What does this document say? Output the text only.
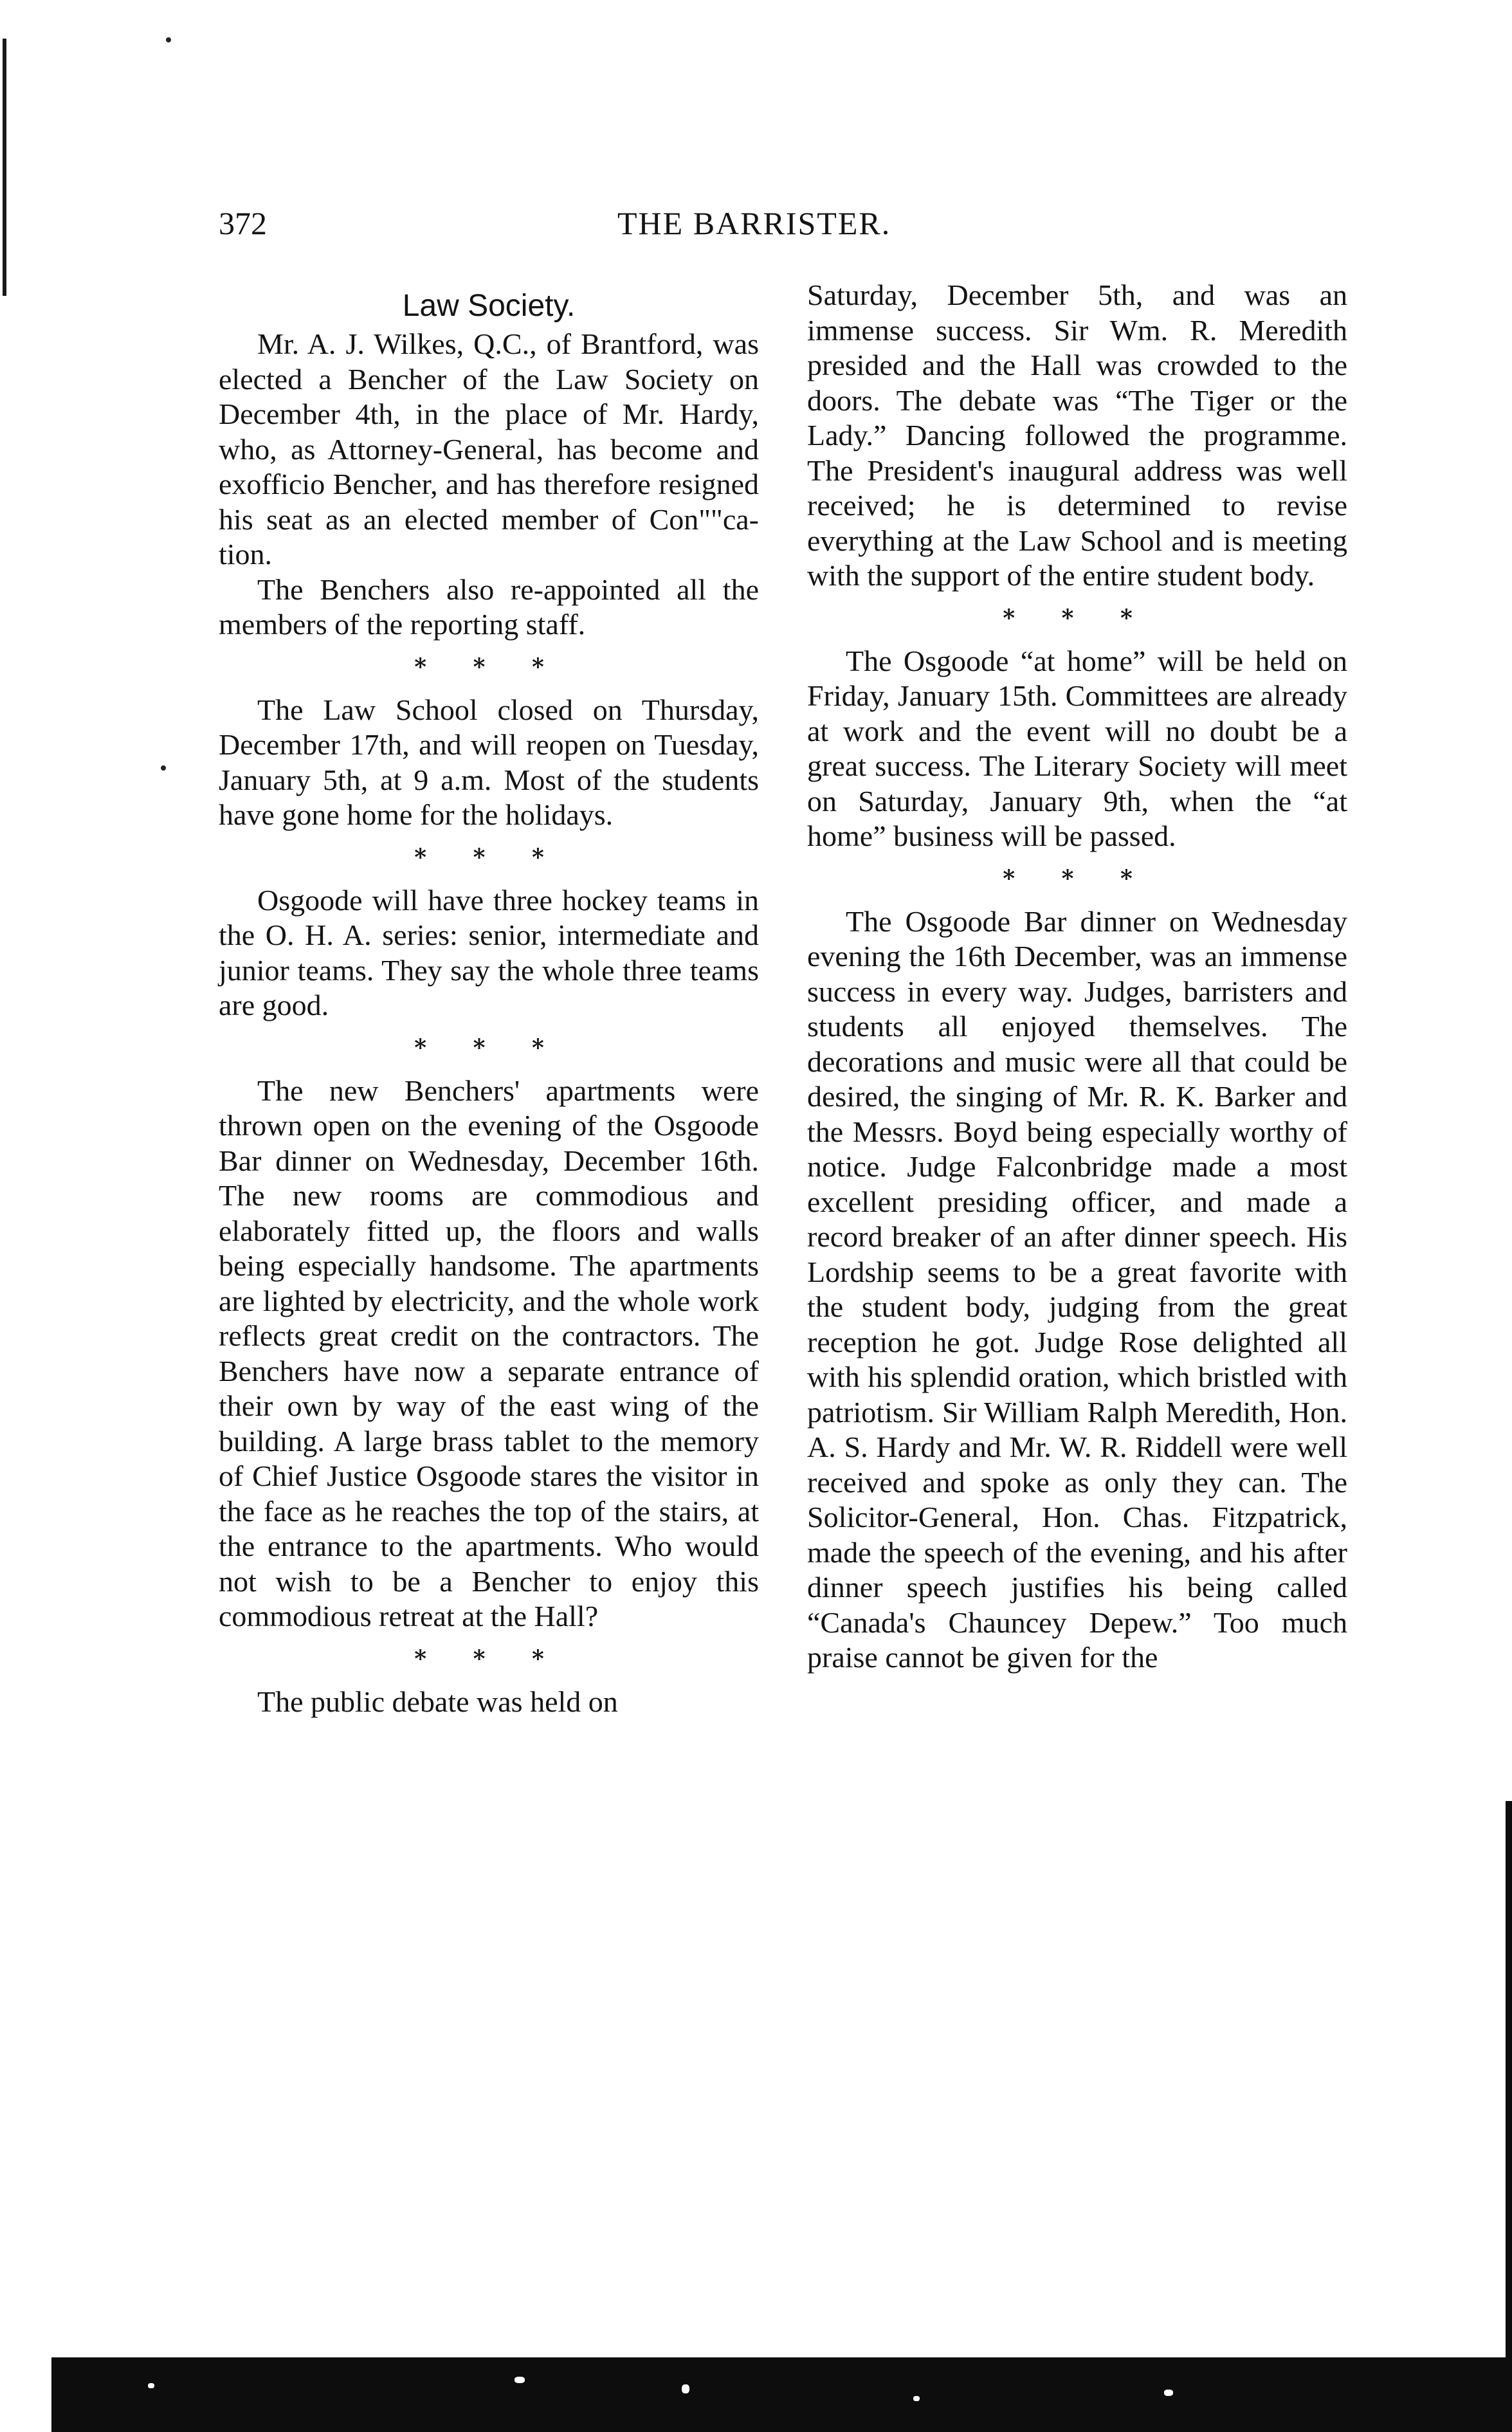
372	THE BARRISTER.

Law Society.

Mr. A. J. Wilkes, Q.C., of Brantford, was elected a Bencher of the Law Society on December 4th, in the place of Mr. Hardy, who, as Attorney-General, has become and exofficio Bencher, and has therefore resigned his seat as an elected member of Con""ca-tion.

The Benchers also re-appointed all the members of the reporting staff.

* * *

The Law School closed on Thursday, December 17th, and will reopen on Tuesday, January 5th, at 9 a.m. Most of the students have gone home for the holidays.

* * *

Osgoode will have three hockey teams in the O. H. A. series: senior, intermediate and junior teams. They say the whole three teams are good.

* * *

The new Benchers' apartments were thrown open on the evening of the Osgoode Bar dinner on Wednesday, December 16th. The new rooms are commodious and elaborately fitted up, the floors and walls being especially handsome. The apartments are lighted by electricity, and the whole work reflects great credit on the contractors. The Benchers have now a separate entrance of their own by way of the east wing of the building. A large brass tablet to the memory of Chief Justice Osgoode stares the visitor in the face as he reaches the top of the stairs, at the entrance to the apartments. Who would not wish to be a Bencher to enjoy this commodious retreat at the Hall?

* * *

The public debate was held on

Saturday, December 5th, and was an immense success. Sir Wm. R. Meredith presided and the Hall was crowded to the doors. The debate was “The Tiger or the Lady.” Dancing followed the programme. The President's inaugural address was well received; he is determined to revise everything at the Law School and is meeting with the support of the entire student body.

* * *

The Osgoode “at home” will be held on Friday, January 15th. Committees are already at work and the event will no doubt be a great success. The Literary Society will meet on Saturday, January 9th, when the “at home” business will be passed.

* * *

The Osgoode Bar dinner on Wednesday evening the 16th December, was an immense success in every way. Judges, barristers and students all enjoyed themselves. The decorations and music were all that could be desired, the singing of Mr. R. K. Barker and the Messrs. Boyd being especially worthy of notice. Judge Falconbridge made a most excellent presiding officer, and made a record breaker of an after dinner speech. His Lordship seems to be a great favorite with the student body, judging from the great reception he got. Judge Rose delighted all with his splendid oration, which bristled with patriotism. Sir William Ralph Meredith, Hon. A. S. Hardy and Mr. W. R. Riddell were well received and spoke as only they can. The Solicitor-General, Hon. Chas. Fitzpatrick, made the speech of the evening, and his after dinner speech justifies his being called “Canada's Chauncey Depew.” Too much praise cannot be given for the
